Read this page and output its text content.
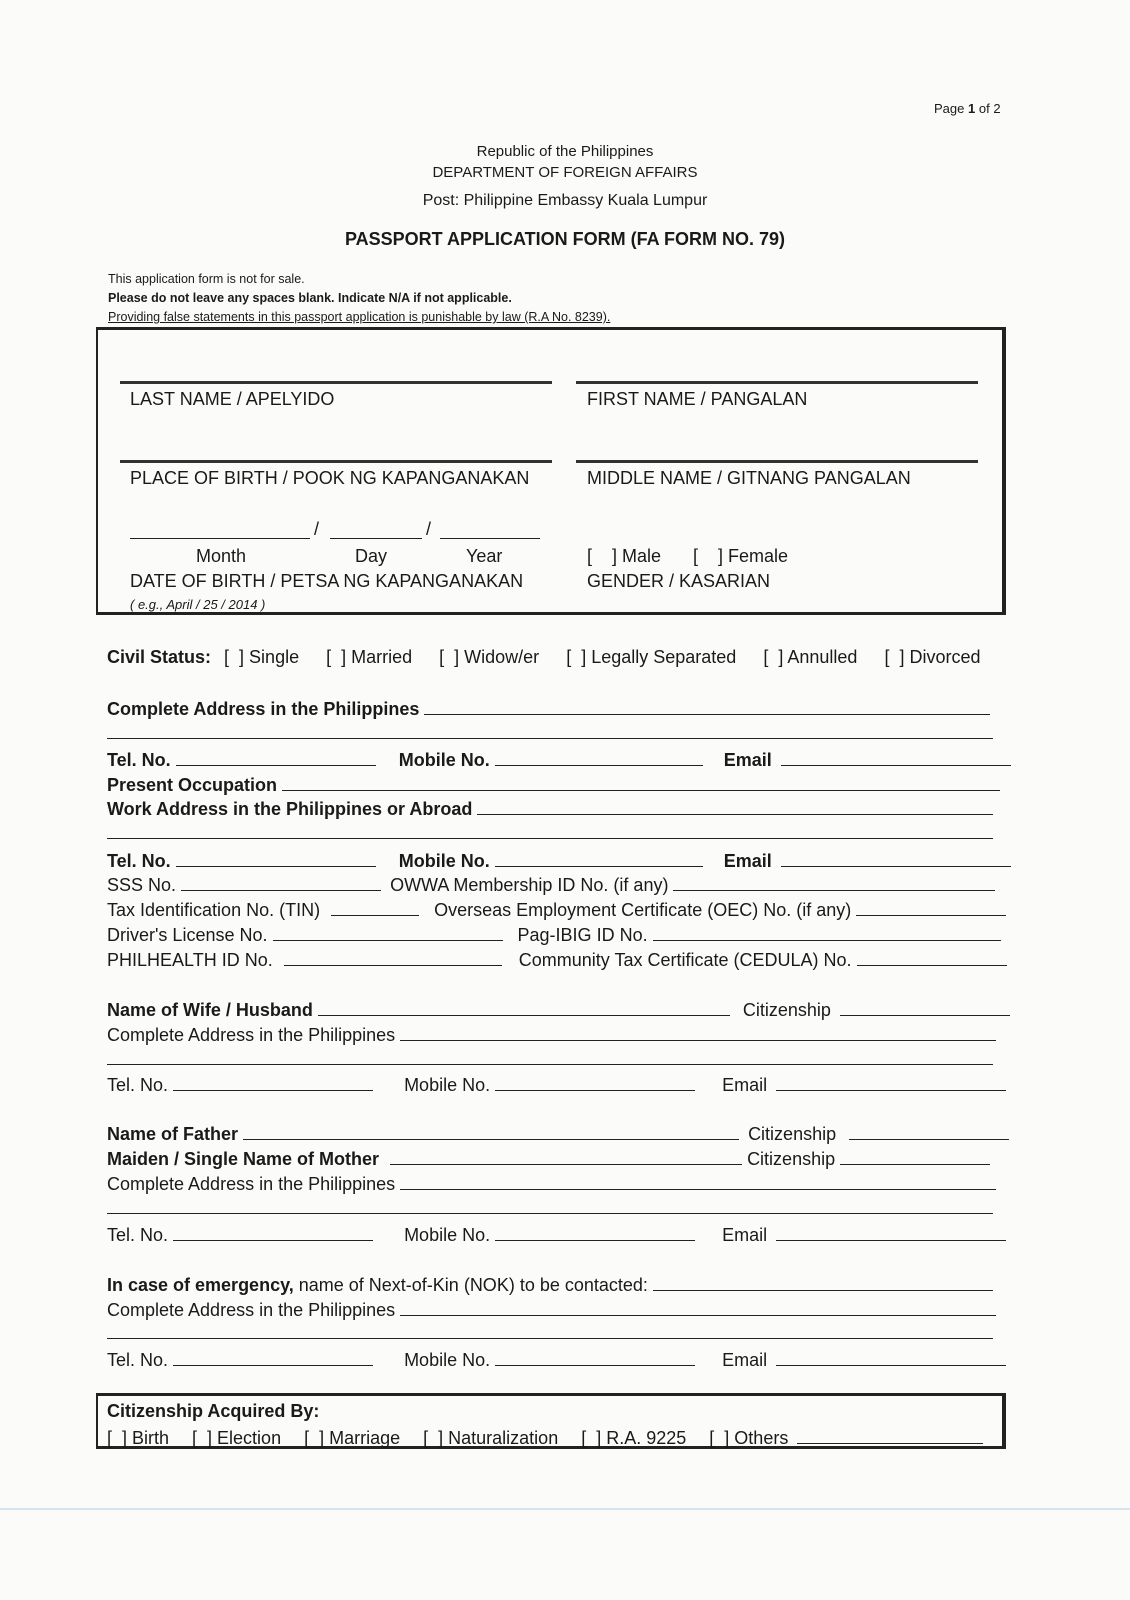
Page 1 of 2
Republic of the Philippines
DEPARTMENT OF FOREIGN AFFAIRS
Post: Philippine Embassy Kuala Lumpur
PASSPORT APPLICATION FORM (FA FORM NO. 79)
This application form is not for sale.
Please do not leave any spaces blank. Indicate N/A if not applicable.
Providing false statements in this passport application is punishable by law (R.A No. 8239).
LAST NAME / APELYIDO	FIRST NAME / PANGALAN
PLACE OF BIRTH / POOK NG KAPANGANAKAN	MIDDLE NAME / GITNANG PANGALAN
/	/
Month	Day	Year
DATE OF BIRTH / PETSA NG KAPANGANAKAN
( e.g., April / 25 / 2014 )
[    ] Male [    ] Female
GENDER / KASARIAN
Civil Status: [  ] Single [  ] Married [  ] Widow/er [  ] Legally Separated [  ] Annulled [  ] Divorced
Complete Address in the Philippines
Tel. No.	Mobile No.	Email
Present Occupation
Work Address in the Philippines or Abroad
Tel. No.	Mobile No.	Email
SSS No.	OWWA Membership ID No. (if any)
Tax Identification No. (TIN)	Overseas Employment Certificate (OEC) No. (if any)
Driver's License No.	Pag-IBIG ID No.
PHILHEALTH ID No.	Community Tax Certificate (CEDULA) No.
Name of Wife / Husband	Citizenship
Complete Address in the Philippines
Tel. No.	Mobile No.	Email
Name of Father	Citizenship
Maiden / Single Name of Mother	Citizenship
Complete Address in the Philippines
Tel. No.	Mobile No.	Email
In case of emergency, name of Next-of-Kin (NOK) to be contacted:
Complete Address in the Philippines
Tel. No.	Mobile No.	Email
Citizenship Acquired By:
[  ] Birth [  ] Election [  ] Marriage [  ] Naturalization [  ] R.A. 9225 [  ] Others
